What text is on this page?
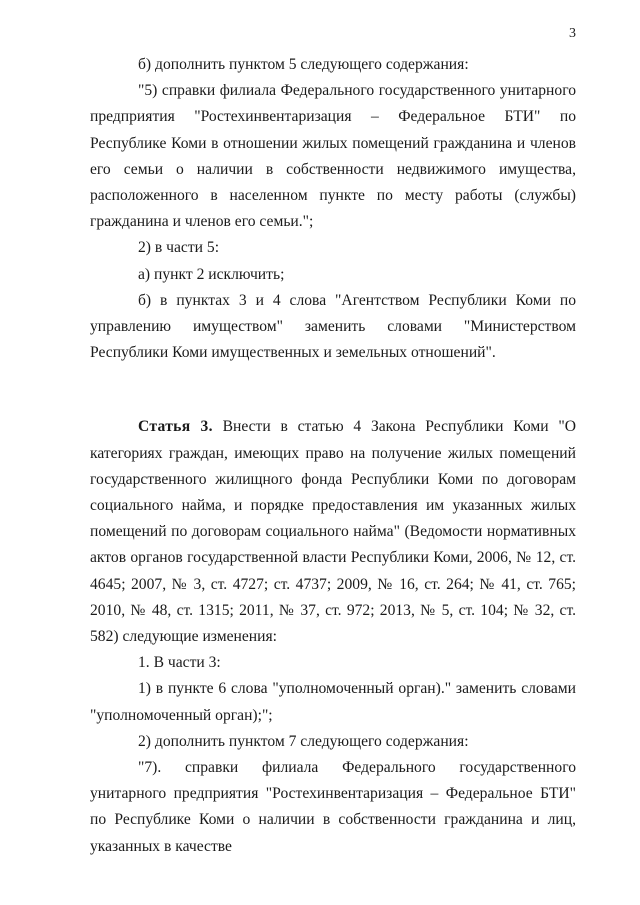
3

б) дополнить пунктом 5 следующего содержания:

"5) справки филиала Федерального государственного унитарного предприятия "Ростехинвентаризация – Федеральное БТИ" по Республике Коми в отношении жилых помещений гражданина и членов его семьи о наличии в собственности недвижимого имущества, расположенного в населенном пункте по месту работы (службы) гражданина и членов его семьи.";

2) в части 5:

а) пункт 2 исключить;

б) в пунктах 3 и 4 слова "Агентством Республики Коми по управлению имуществом" заменить словами "Министерством Республики Коми имущественных и земельных отношений".

Статья 3. Внести в статью 4 Закона Республики Коми "О категориях граждан, имеющих право на получение жилых помещений государственного жилищного фонда Республики Коми по договорам социального найма, и порядке предоставления им указанных жилых помещений по договорам социального найма" (Ведомости нормативных актов органов государственной власти Республики Коми, 2006, № 12, ст. 4645; 2007, № 3, ст. 4727; ст. 4737; 2009, № 16, ст. 264; № 41, ст. 765; 2010, № 48, ст. 1315; 2011, № 37, ст. 972; 2013, № 5, ст. 104; № 32, ст. 582) следующие изменения:

1. В части 3:

1) в пункте 6 слова "уполномоченный орган)." заменить словами "уполномоченный орган);";

2) дополнить пунктом 7 следующего содержания:

"7). справки филиала Федерального государственного унитарного предприятия "Ростехинвентаризация – Федеральное БТИ" по Республике Коми о наличии в собственности гражданина и лиц, указанных в качестве
